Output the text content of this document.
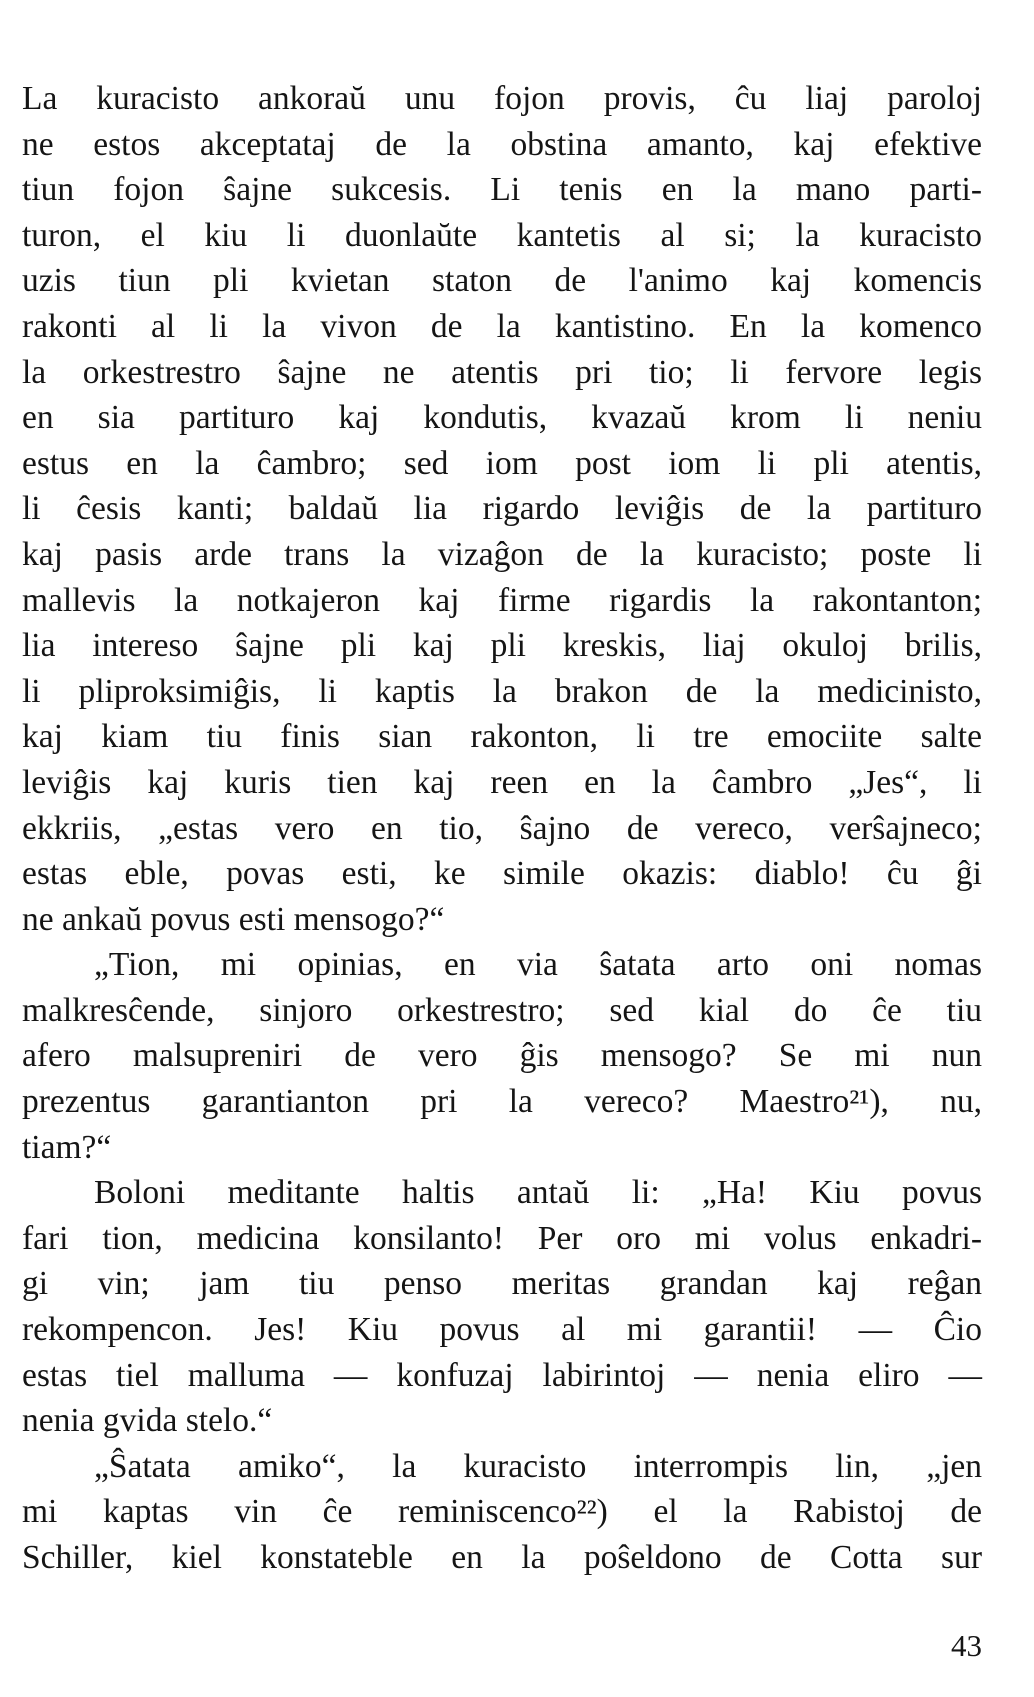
La kuracisto ankoraŭ unu fojon provis, ĉu liaj paroloj
ne estos akceptataj de la obstina amanto, kaj efektive
tiun fojon ŝajne sukcesis. Li tenis en la mano parti-
turon, el kiu li duonlaŭte kantetis al si; la kuracisto
uzis tiun pli kvietan staton de l'animo kaj komencis
rakonti al li la vivon de la kantistino. En la komenco
la orkestrestro ŝajne ne atentis pri tio; li fervore legis
en sia partituro kaj kondutis, kvazaŭ krom li neniu
estus en la ĉambro; sed iom post iom li pli atentis,
li ĉesis kanti; baldaŭ lia rigardo leviĝis de la partituro
kaj pasis arde trans la vizaĝon de la kuracisto; poste li
mallevis la notkajeron kaj firme rigardis la rakontanton;
lia intereso ŝajne pli kaj pli kreskis, liaj okuloj brilis,
li pliproksimiĝis, li kaptis la brakon de la medicinisto,
kaj kiam tiu finis sian rakonton, li tre emociite salte
leviĝis kaj kuris tien kaj reen en la ĉambro „Jes“, li
ekkriis, „estas vero en tio, ŝajno de vereco, verŝajneco;
estas eble, povas esti, ke simile okazis: diablo! ĉu ĝi
ne ankaŭ povus esti mensogo?“
„Tion, mi opinias, en via ŝatata arto oni nomas
malkresĉende, sinjoro orkestrestro; sed kial do ĉe tiu
afero malsupreniri de vero ĝis mensogo? Se mi nun
prezentus garantianton pri la vereco? Maestro²¹), nu,
tiam?“
Boloni meditante haltis antaŭ li: „Ha! Kiu povus
fari tion, medicina konsilanto! Per oro mi volus enkadri-
gi vin; jam tiu penso meritas grandan kaj reĝan
rekompencon. Jes! Kiu povus al mi garantii! — Ĉio
estas tiel malluma — konfuzaj labirintoj — nenia eliro —
nenia gvida stelo.“
„Ŝatata amiko“, la kuracisto interrompis lin, „jen
mi kaptas vin ĉe reminiscenco²²) el la Rabistoj de
Schiller, kiel konstateble en la poŝeldono de Cotta sur
43
